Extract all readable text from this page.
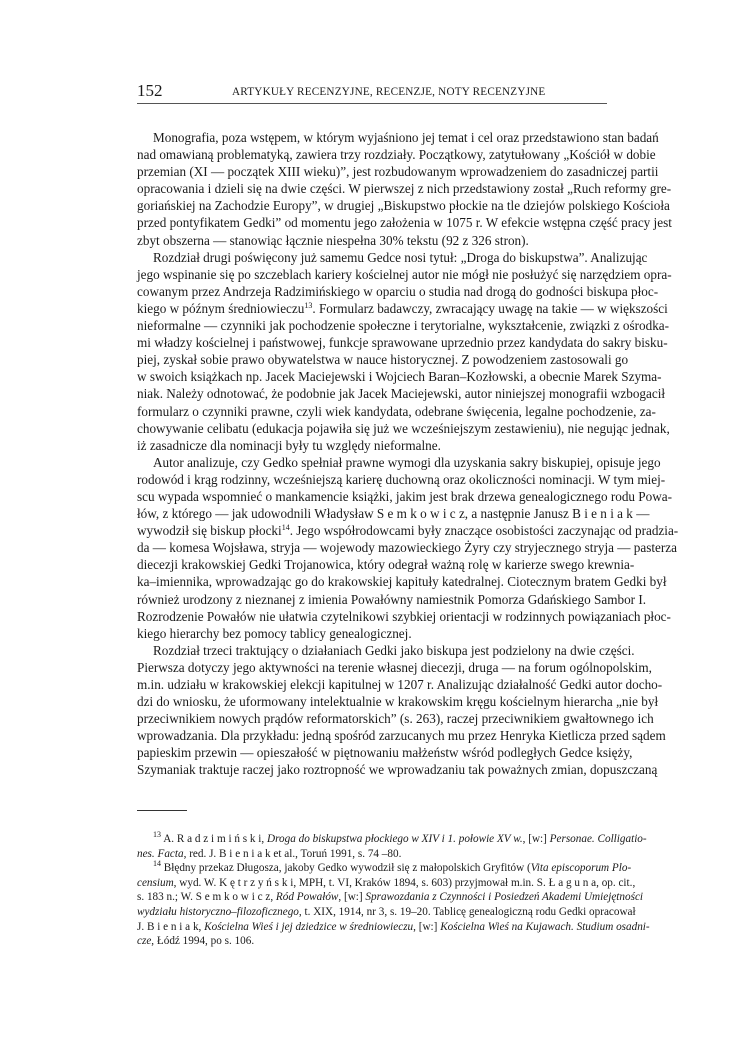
152	ARTYKUŁY RECENZYJNE, RECENZJE, NOTY RECENZYJNE
Monografia, poza wstępem, w którym wyjaśniono jej temat i cel oraz przedstawiono stan badań
nad omawianą problematyką, zawiera trzy rozdziały. Początkowy, zatytułowany „Kościół w dobie
przemian (XI — początek XIII wieku)”, jest rozbudowanym wprowadzeniem do zasadniczej partii
opracowania i dzieli się na dwie części. W pierwszej z nich przedstawiony został „Ruch reformy gre-
goriańskiej na Zachodzie Europy”, w drugiej „Biskupstwo płockie na tle dziejów polskiego Kościoła
przed pontyfikatem Gedki” od momentu jego założenia w 1075 r. W efekcie wstępna część pracy jest
zbyt obszerna — stanowiąc łącznie niespełna 30% tekstu (92 z 326 stron).
Rozdział drugi poświęcony już samemu Gedce nosi tytuł: „Droga do biskupstwa”. Analizując
jego wspinanie się po szczeblach kariery kościelnej autor nie mógł nie posłużyć się narzędziem opra-
cowanym przez Andrzeja Radzimińskiego w oparciu o studia nad drogą do godności biskupa płoc-
kiego w późnym średniowieczu$^{13}$. Formularz badawczy, zwracający uwagę na takie — w większości
nieformalne — czynniki jak pochodzenie społeczne i terytorialne, wykształcenie, związki z ośrodka-
mi władzy kościelnej i państwowej, funkcje sprawowane uprzednio przez kandydata do sakry bisku-
piej, zyskał sobie prawo obywatelstwa w nauce historycznej. Z powodzeniem zastosowali go
w swoich książkach np. Jacek Maciejewski i Wojciech Baran–Kozłowski, a obecnie Marek Szyma-
niak. Należy odnotować, że podobnie jak Jacek Maciejewski, autor niniejszej monografii wzbogacił
formularz o czynniki prawne, czyli wiek kandydata, odebrane święcenia, legalne pochodzenie, za-
chowywanie celibatu (edukacja pojawiła się już we wcześniejszym zestawieniu), nie negując jednak,
iż zasadnicze dla nominacji były tu względy nieformalne.
Autor analizuje, czy Gedko spełniał prawne wymogi dla uzyskania sakry biskupiej, opisuje jego
rodowód i krąg rodzinny, wcześniejszą karierę duchowną oraz okoliczności nominacji. W tym miej-
scu wypada wspomnieć o mankamencie książki, jakim jest brak drzewa genealogicznego rodu Powa-
łów, z którego — jak udowodnili Władysław S e m k o w i c z, a następnie Janusz B i e n i a k —
wywodził się biskup płocki$^{14}$. Jego współrodowcami były znaczące osobistości zaczynając od pradzia-
da — komesa Wojsława, stryja — wojewody mazowieckiego Żyry czy stryjecznego stryja — pasterza
diecezji krakowskiej Gedki Trojanowica, który odegrał ważną rolę w karierze swego krewnia-
ka–imiennika, wprowadzając go do krakowskiej kapituły katedralnej. Ciotecznym bratem Gedki był
również urodzony z nieznanej z imienia Powałówny namiestnik Pomorza Gdańskiego Sambor I.
Rozrodzenie Powałów nie ułatwia czytelnikowi szybkiej orientacji w rodzinnych powiązaniach płoc-
kiego hierarchy bez pomocy tablicy genealogicznej.
Rozdział trzeci traktujący o działaniach Gedki jako biskupa jest podzielony na dwie części.
Pierwsza dotyczy jego aktywności na terenie własnej diecezji, druga — na forum ogólnopolskim,
m.in. udziału w krakowskiej elekcji kapitulnej w 1207 r. Analizując działalność Gedki autor docho-
dzi do wniosku, że uformowany intelektualnie w krakowskim kręgu kościelnym hierarcha „nie był
przeciwnikiem nowych prądów reformatorskich” (s. 263), raczej przeciwnikiem gwałtownego ich
wprowadzania. Dla przykładu: jedną spośród zarzucanych mu przez Henryka Kietlicza przed sądem
papieskim przewin — opieszałość w piętnowaniu małżeństw wśród podległych Gedce księży,
Szymaniak traktuje raczej jako roztropność we wprowadzaniu tak poważnych zmian, dopuszczaną
$^{13}$ A. R a d z i m i ń s k i, Droga do biskupstwa płockiego w XIV i 1. połowie XV w., [w:] Personae. Colligatio-
nes. Facta, red. J. B i e n i a k et al., Toruń 1991, s. 74 –80.
$^{14}$ Błędny przekaz Długosza, jakoby Gedko wywodził się z małopolskich Gryfitów (Vita episcoporum Plo-
censium, wyd. W. K ę t r z y ń s k i, MPH, t. VI, Kraków 1894, s. 603) przyjmował m.in. S. Ł a g u n a, op. cit.,
s. 183 n.; W. S e m k o w i c z, Ród Powałów, [w:] Sprawozdania z Czynności i Posiedzeń Akademi Umiejętności
wydziału historyczno–filozoficznego, t. XIX, 1914, nr 3, s. 19–20. Tablicę genealogiczną rodu Gedki opracował
J. B i e n i a k, Kościelna Wieś i jej dziedzice w średniowieczu, [w:] Kościelna Wieś na Kujawach. Studium osadni-
cze, Łódź 1994, po s. 106.
